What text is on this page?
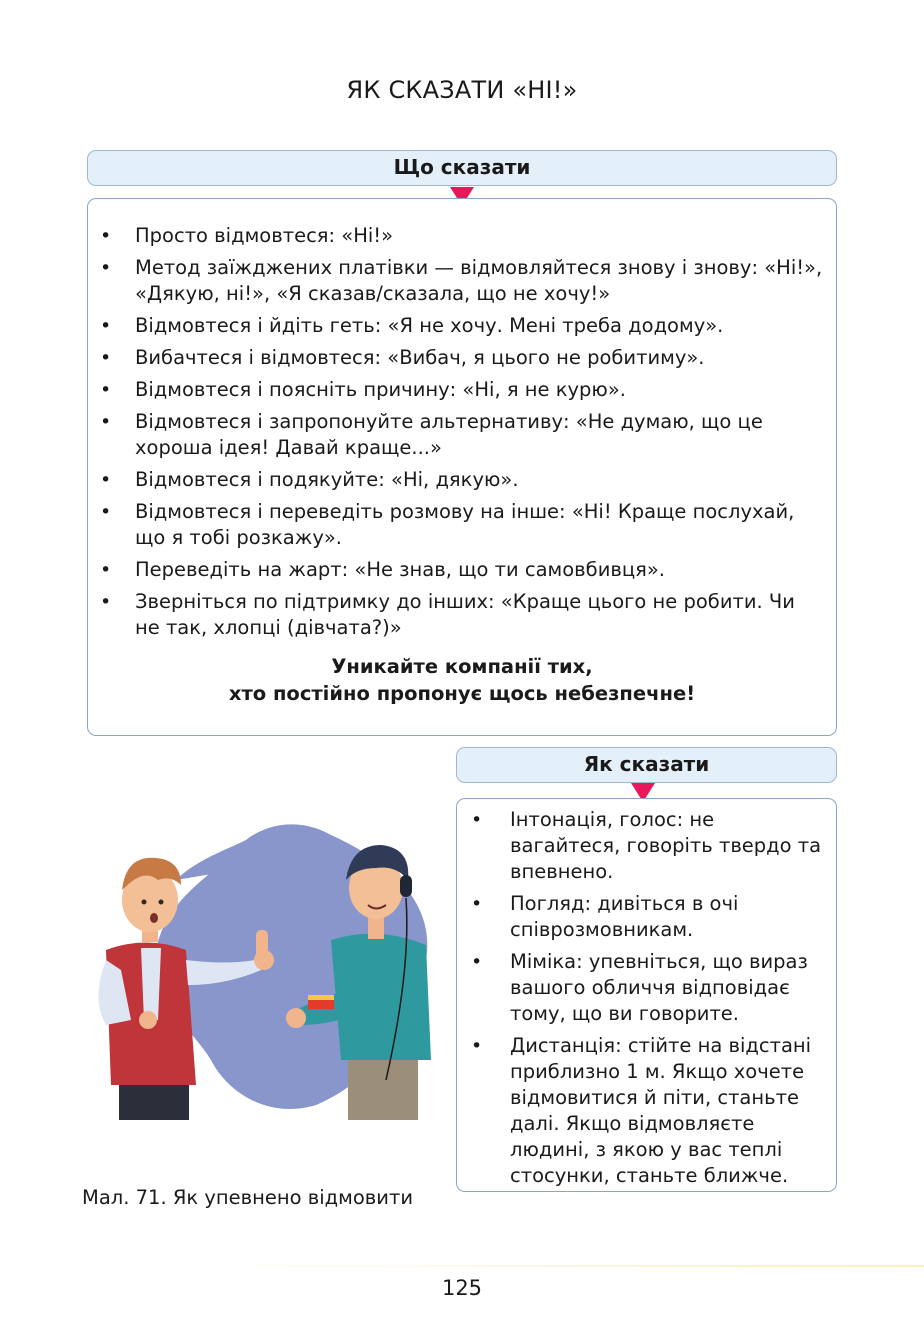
ЯК СКАЗАТИ «НІ!»
Що сказати
• Просто відмовтеся: «Ні!»
• Метод заїжджених платівки — відмовляйтеся знову і знову: «Ні!», «Дякую, ні!», «Я сказав/сказала, що не хочу!»
• Відмовтеся і йдіть геть: «Я не хочу. Мені треба додому».
• Вибачтеся і відмовтеся: «Вибач, я цього не робитиму».
• Відмовтеся і поясніть причину: «Ні, я не курю».
• Відмовтеся і запропонуйте альтернативу: «Не думаю, що це хороша ідея! Давай краще...»
• Відмовтеся і подякуйте: «Ні, дякую».
• Відмовтеся і переведіть розмову на інше: «Ні! Краще послухай, що я тобі розкажу».
• Переведіть на жарт: «Не знав, що ти самовбивця».
• Зверніться по підтримку до інших: «Краще цього не робити. Чи не так, хлопці (дівчата?)»
Уникайте компанії тих,
хто постійно пропонує щось небезпечне!
Як сказати
• Інтонація, голос: не вагайтеся, говоріть твердо та впевнено.
• Погляд: дивіться в очі співрозмовникам.
• Міміка: упевніться, що вираз вашого обличчя відповідає тому, що ви говорите.
• Дистанція: стійте на відстані приблизно 1 м. Якщо хочете відмовитися й піти, станьте далі. Якщо відмовляєте людині, з якою у вас теплі стосунки, станьте ближче.
Мал. 71. Як упевнено відмовити
125
